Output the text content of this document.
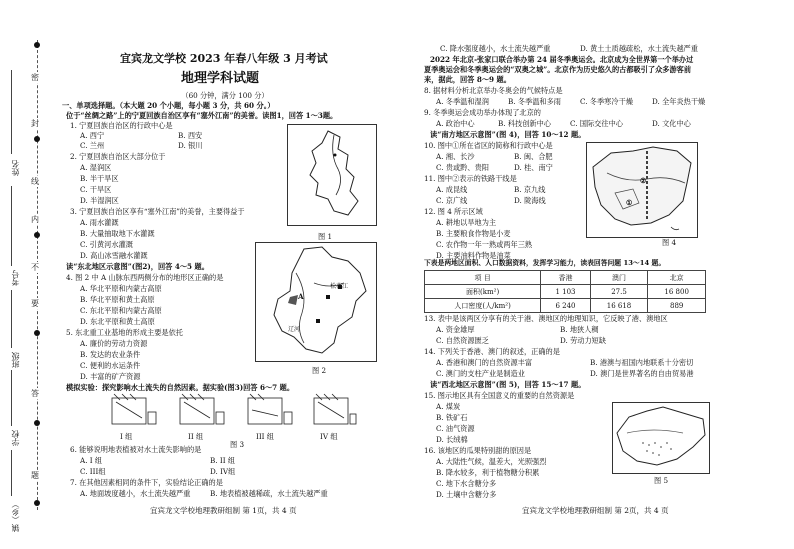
密
封
线
内
不
要
答
题
姓名
考号
班级
学校
镇（乡）
宜宾龙文学校 2023 年春八年级 3 月考试
地理学科试题
（60 分钟，满分 100 分）
一、单项选择题。（本大题 20 个小题，每小题 3 分，共 60 分。）
位于“丝绸之路”上的宁夏回族自治区享有“塞外江南”的美誉。读图1，回答 1～3题。
1. 宁夏回族自治区的行政中心是
A. 西宁	B. 西安
C. 兰州	D. 银川
2. 宁夏回族自治区大部分位于
A. 湿润区
B. 半干旱区
C. 干旱区
D. 半湿润区
3. 宁夏回族自治区享有“塞外江南”的美誉，主要得益于
A. 雨水灌溉
B. 大量抽取地下水灌溉
C. 引黄河水灌溉
D. 高山冰雪融水灌溉
读“东北地区示意图”(图2)，回答 4～5 题。
4. 图 2 中 A 山脉东西两侧分布的地形区正确的是
A. 华北平原和内蒙古高原
B. 华北平原和黄土高原
C. 东北平原和内蒙古高原
D. 东北平原和黄土高原
5. 东北重工业基地的形成主要是依托
A. 廉价的劳动力资源
B. 发达的农业条件
C. 便利的水运条件
D. 丰富的矿产资源
模拟实验：探究影响水土流失的自然因素。据实验(图3)回答 6～7 题。
6. 能够说明地表植被对水土流失影响的是
A. I 组	B. II 组
C. III组	D. IV组
7. 在其他因素相同的条件下，实验结论正确的是
A. 地面坡度越小，水土流失越严重	B. 地表植被越稀疏，水土流失越严重
图 1
A
松花江
辽河
图 2
I 组	II 组	III 组	IV 组
图 3
宜宾龙文学校地理教研组制 第 1页，共 4 页
C. 降水强度越小，水土流失越严重	D. 黄土土质越疏松，水土流失越严重
2022 年北京-张家口联合举办第 24 届冬季奥运会。北京成为全世界第一个举办过
夏季奥运会和冬季奥运会的“双奥之城”。北京作为历史悠久的古都吸引了众多游客前
来，据此，回答 8～9 题。
8. 据材料分析北京举办冬奥会的气候特点是
A. 冬季温和湿润	B. 冬季温和多雨	C. 冬季寒冷干燥	D. 全年炎热干燥
9. 冬季奥运会成功举办体现了北京的
A. 政治中心	B. 科技创新中心	C. 国际交往中心	D. 文化中心
读“南方地区示意图”(图 4)，回答 10～12 题。
10. 图中①所在省区的简称和行政中心是
A. 湘、长沙	B. 闽、合肥
C. 贵或黔、贵阳	D. 桂、南宁
11. 图中②表示的铁路干线是
A. 成昆线	B. 京九线
C. 京广线	D. 陇海线
12. 图 4 所示区域
A. 耕地以旱地为主
B. 主要粮食作物是小麦
C. 农作物一年一熟或两年三熟
D. 主要油料作物是油菜
下表是两地区面积、人口数据资料，发挥学习能力，读表回答问题 13～14 题。
①
②
图 4
项 目	香港	澳门	北京
面积(km²)	1 103	27.5	16 800
人口密度(人/km²)	6 240	16 618	889
13. 表中是该两区分享有的关于港、澳地区的地理知识，它反映了港、澳地区
A. 资金雄厚	B. 地狭人稠
C. 自然资源匮乏	D. 劳动力短缺
14. 下列关于香港、澳门的叙述，正确的是
A. 香港和澳门的自然资源丰富	B. 港澳与祖国内地联系十分密切
C. 澳门的支柱产业是制造业	D. 澳门是世界著名的自由贸易港
读“西北地区示意图”(图 5)，回答 15～17 题。
15. 图示地区具有全国意义的重要的自然资源是
A. 煤炭
B. 铁矿石
C. 油气资源
D. 长绒棉
16. 该地区的瓜果特别甜的原因是
A. 大陆性气候，温差大，光照强烈
B. 降水较多，利于植物糖分积累
C. 地下水含糖分多
D. 土壤中含糖分多
图 5
宜宾龙文学校地理教研组制 第 2页，共 4 页
